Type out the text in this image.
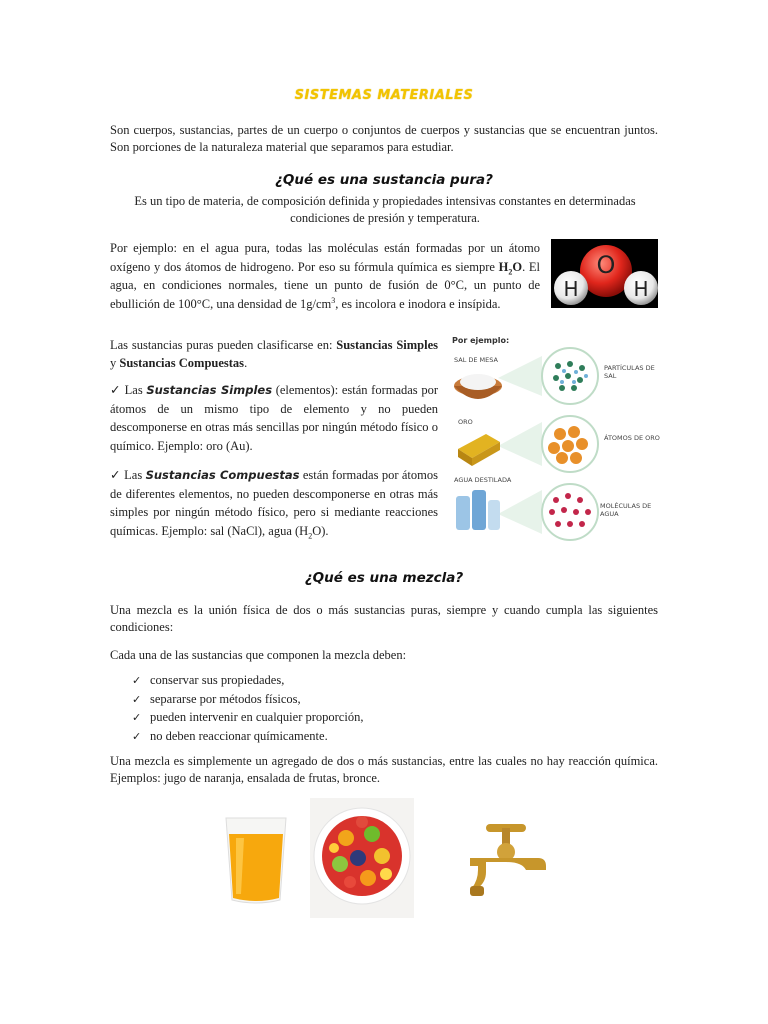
SISTEMAS MATERIALES
Son cuerpos, sustancias, partes de un cuerpo o conjuntos de cuerpos y sustancias que se encuentran juntos. Son porciones de la naturaleza material que separamos para estudiar.
¿Qué es una sustancia pura?
Es un tipo de materia, de composición definida y propiedades intensivas constantes en determinadas condiciones de presión y temperatura.
Por ejemplo: en el agua pura, todas las moléculas están formadas por un átomo oxígeno y dos átomos de hidrogeno. Por eso su fórmula química es siempre $H_2O$. El agua, en condiciones normales, tiene un punto de fusión de 0°C, un punto de ebullición de 100°C, una densidad de $1g/cm^3$, es incolora e inodora e insípida.
O
H	H
Las sustancias puras pueden clasificarse en: Sustancias Simples y Sustancias Compuestas.
✓ Las Sustancias Simples (elementos): están formadas por átomos de un mismo tipo de elemento y no pueden descomponerse en otras más sencillas por ningún método físico o químico. Ejemplo: oro (Au).
✓ Las Sustancias Compuestas están formadas por átomos de diferentes elementos, no pueden descomponerse en otras más simples por ningún método físico, pero si mediante reacciones químicas. Ejemplo: sal (NaCl), agua $(H_2O)$.
Por ejemplo:
SAL DE MESA
PARTÍCULAS DE SAL
ORO
ÁTOMOS DE ORO
AGUA DESTILADA
MOLÉCULAS DE AGUA
¿Qué es una mezcla?
Una mezcla es la unión física de dos o más sustancias puras, siempre y cuando cumpla las siguientes condiciones:
Cada una de las sustancias que componen la mezcla deben:
✓ conservar sus propiedades,
✓ separarse por métodos físicos,
✓ pueden intervenir en cualquier proporción,
✓ no deben reaccionar químicamente.
Una mezcla es simplemente un agregado de dos o más sustancias, entre las cuales no hay reacción química. Ejemplos: jugo de naranja, ensalada de frutas, bronce.
